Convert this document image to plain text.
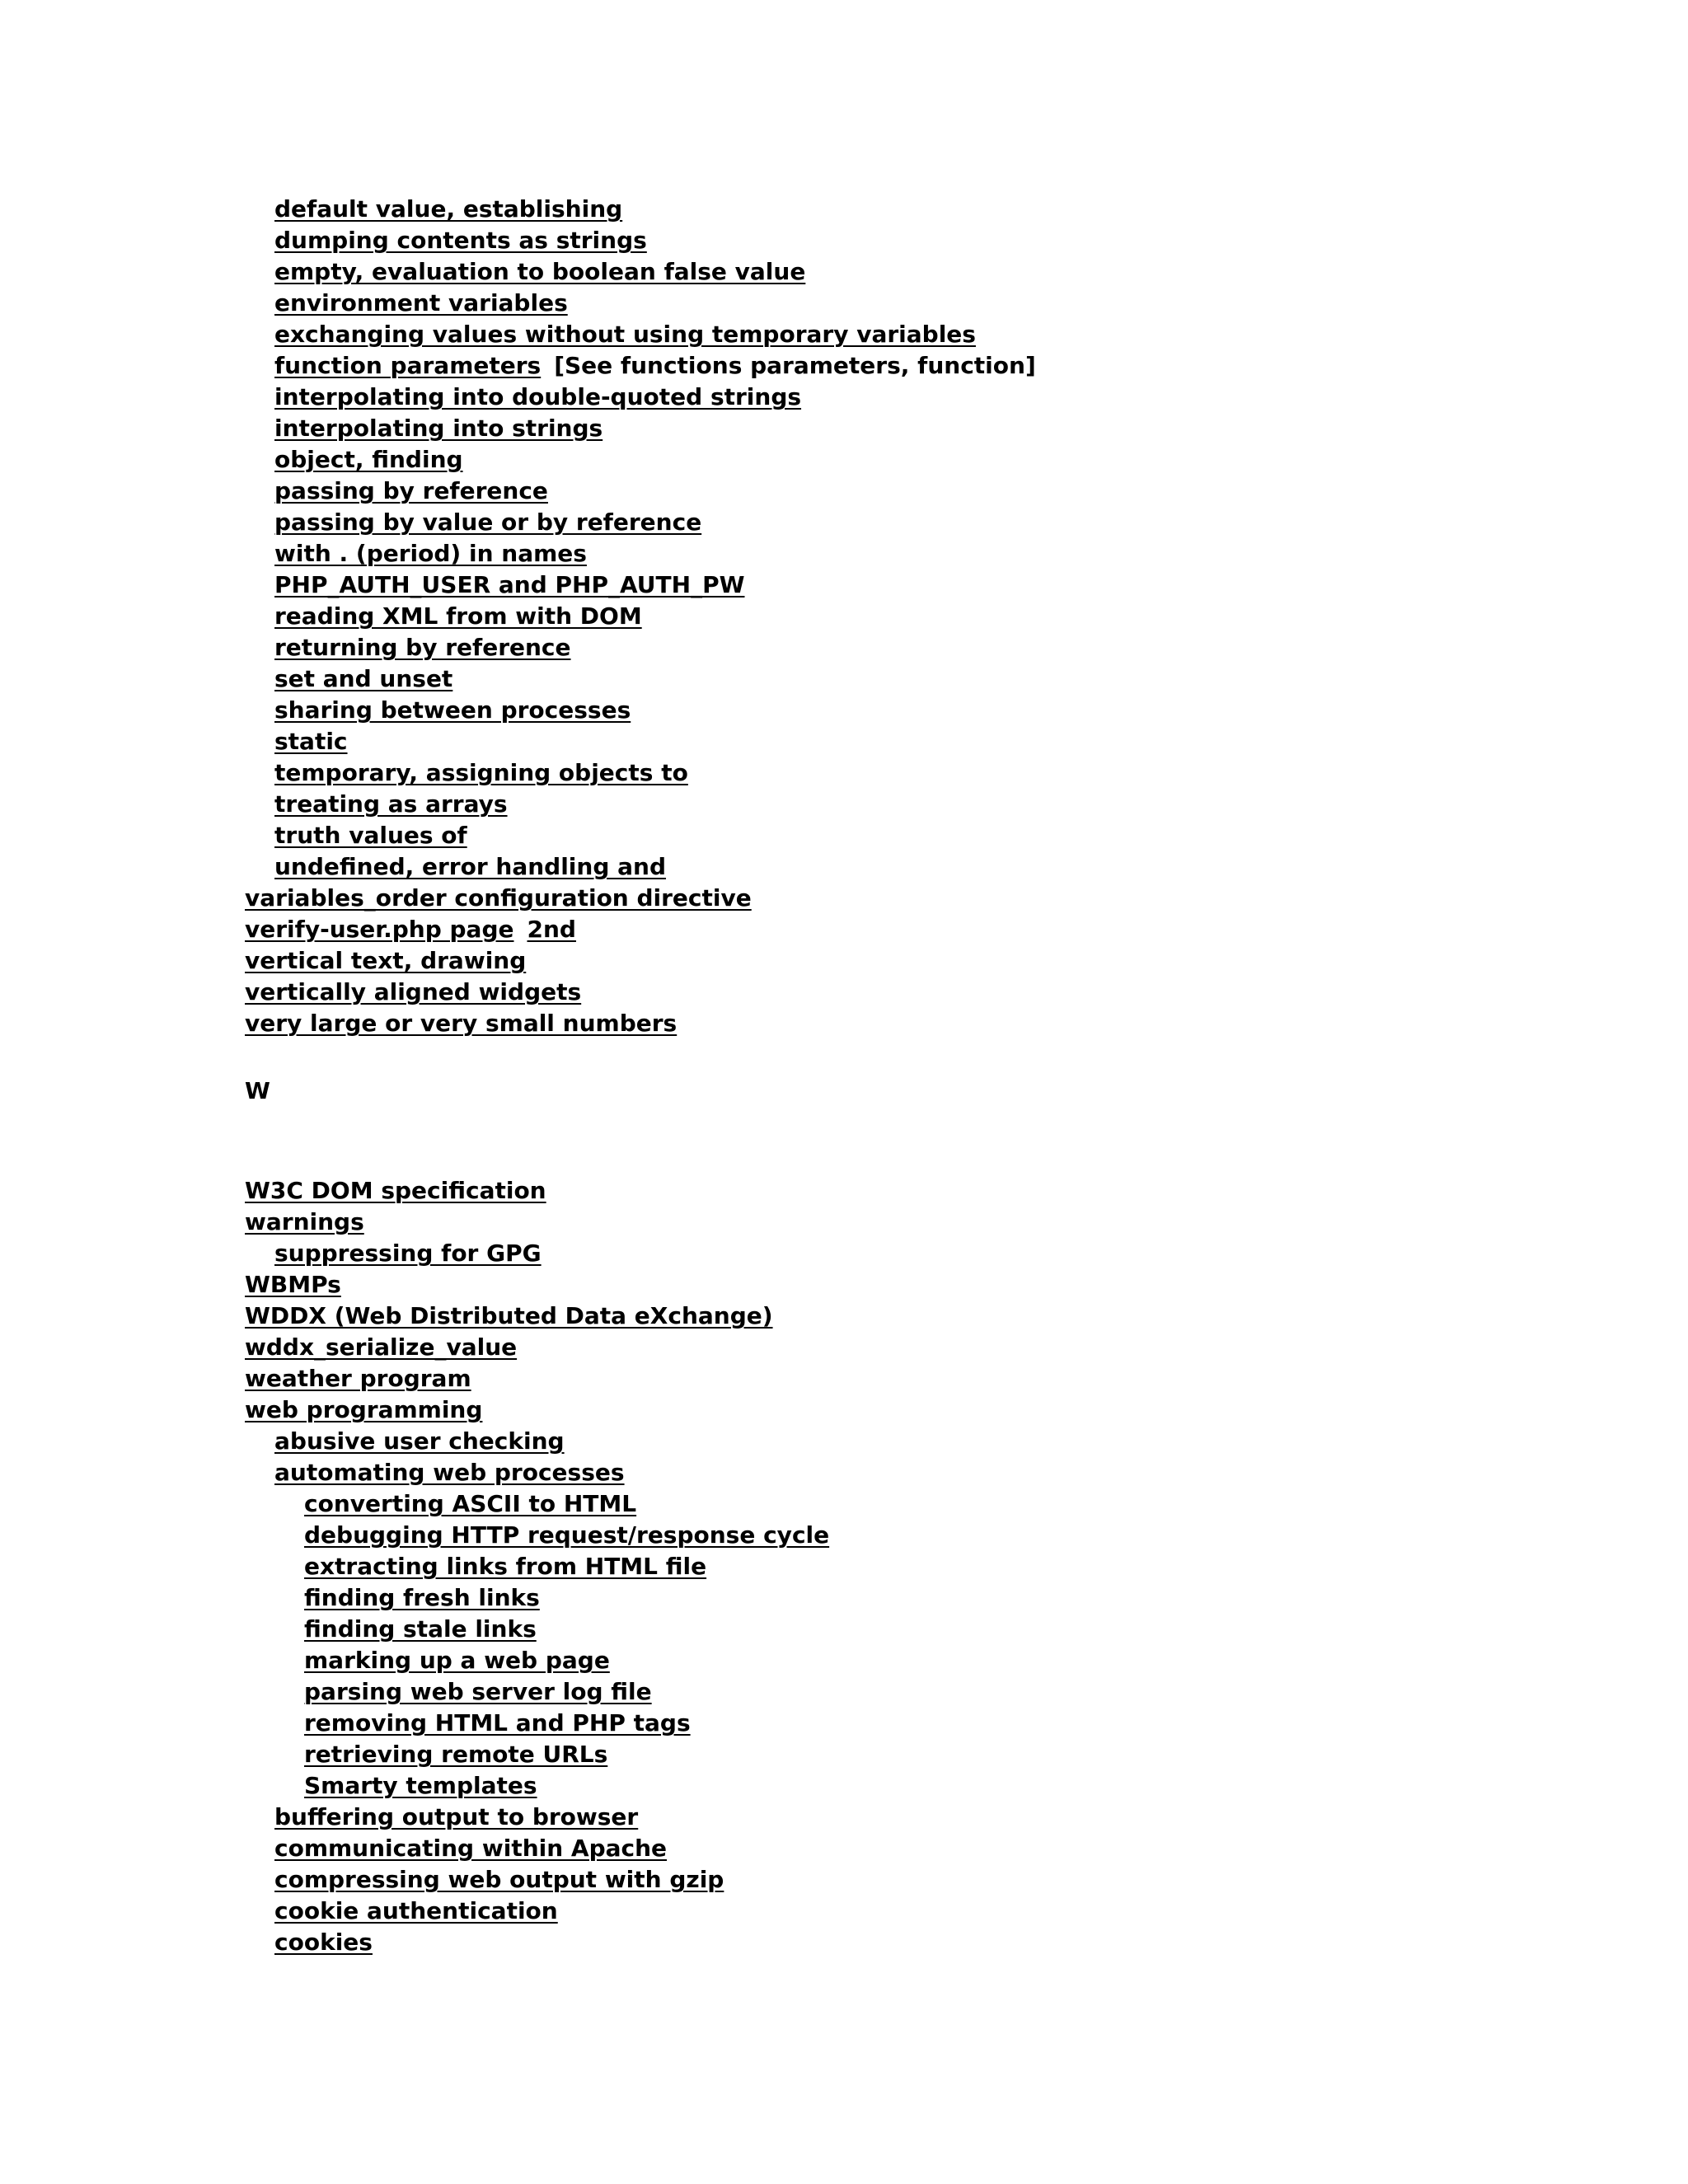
default value, establishing
dumping contents as strings
empty, evaluation to boolean false value
environment variables
exchanging values without using temporary variables
function parameters [See functions parameters, function]
interpolating into double-quoted strings
interpolating into strings
object, finding
passing by reference
passing by value or by reference
with . (period) in names
PHP_AUTH_USER and PHP_AUTH_PW
reading XML from with DOM
returning by reference
set and unset
sharing between processes
static
temporary, assigning objects to
treating as arrays
truth values of
undefined, error handling and
variables_order configuration directive
verify-user.php page 2nd
vertical text, drawing
vertically aligned widgets
very large or very small numbers
W
W3C DOM specification
warnings
suppressing for GPG
WBMPs
WDDX (Web Distributed Data eXchange)
wddx_serialize_value
weather program
web programming
abusive user checking
automating web processes
converting ASCII to HTML
debugging HTTP request/response cycle
extracting links from HTML file
finding fresh links
finding stale links
marking up a web page
parsing web server log file
removing HTML and PHP tags
retrieving remote URLs
Smarty templates
buffering output to browser
communicating within Apache
compressing web output with gzip
cookie authentication
cookies
